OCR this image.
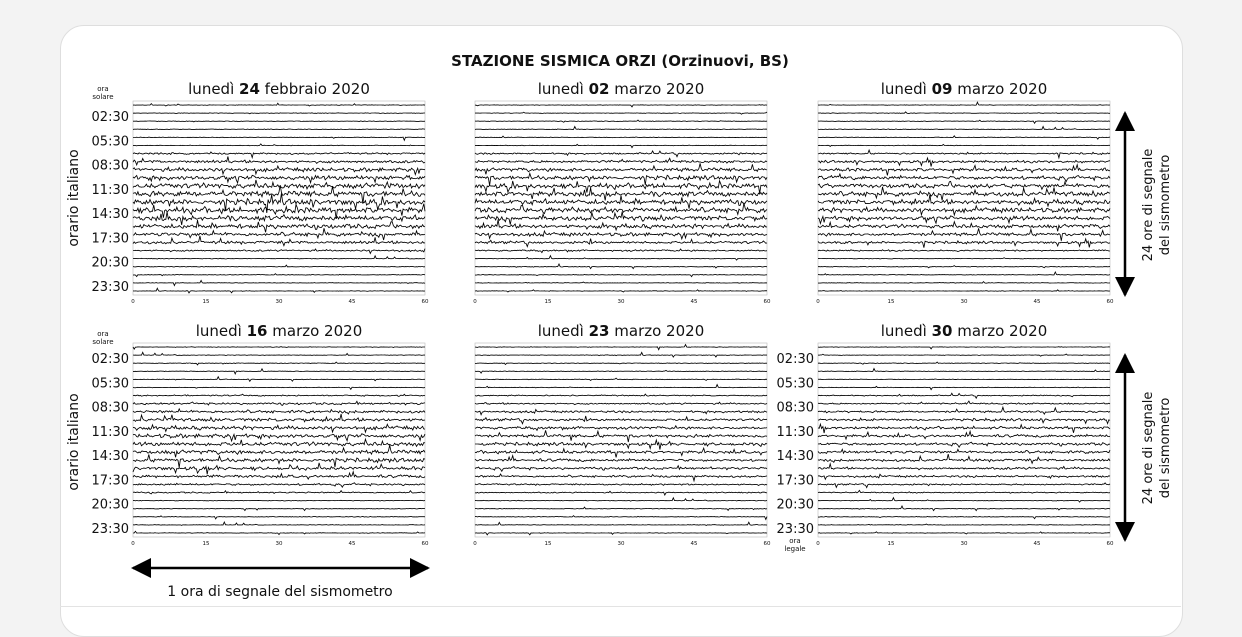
STAZIONE SISMICA ORZI (Orzinuovi, BS)
lunedì 24 febbraio 2020
0	15	30	45	60
02:30
05:30
08:30
11:30
14:30
17:30
20:30
23:30
lunedì 02 marzo 2020
0	15	30	45	60
lunedì 09 marzo 2020
0	15	30	45	60
lunedì 16 marzo 2020
0	15	30	45	60
02:30
05:30
08:30
11:30
14:30
17:30
20:30
23:30
lunedì 23 marzo 2020
0	15	30	45	60
lunedì 30 marzo 2020
0	15	30	45	60
02:30
05:30
08:30
11:30
14:30
17:30
20:30
23:30
orario italiano
orario italiano
ora
solare
ora
solare
ora
legale
24 ore di segnale del sismometro
24 ore di segnale del sismometro
1 ora di segnale del sismometro
